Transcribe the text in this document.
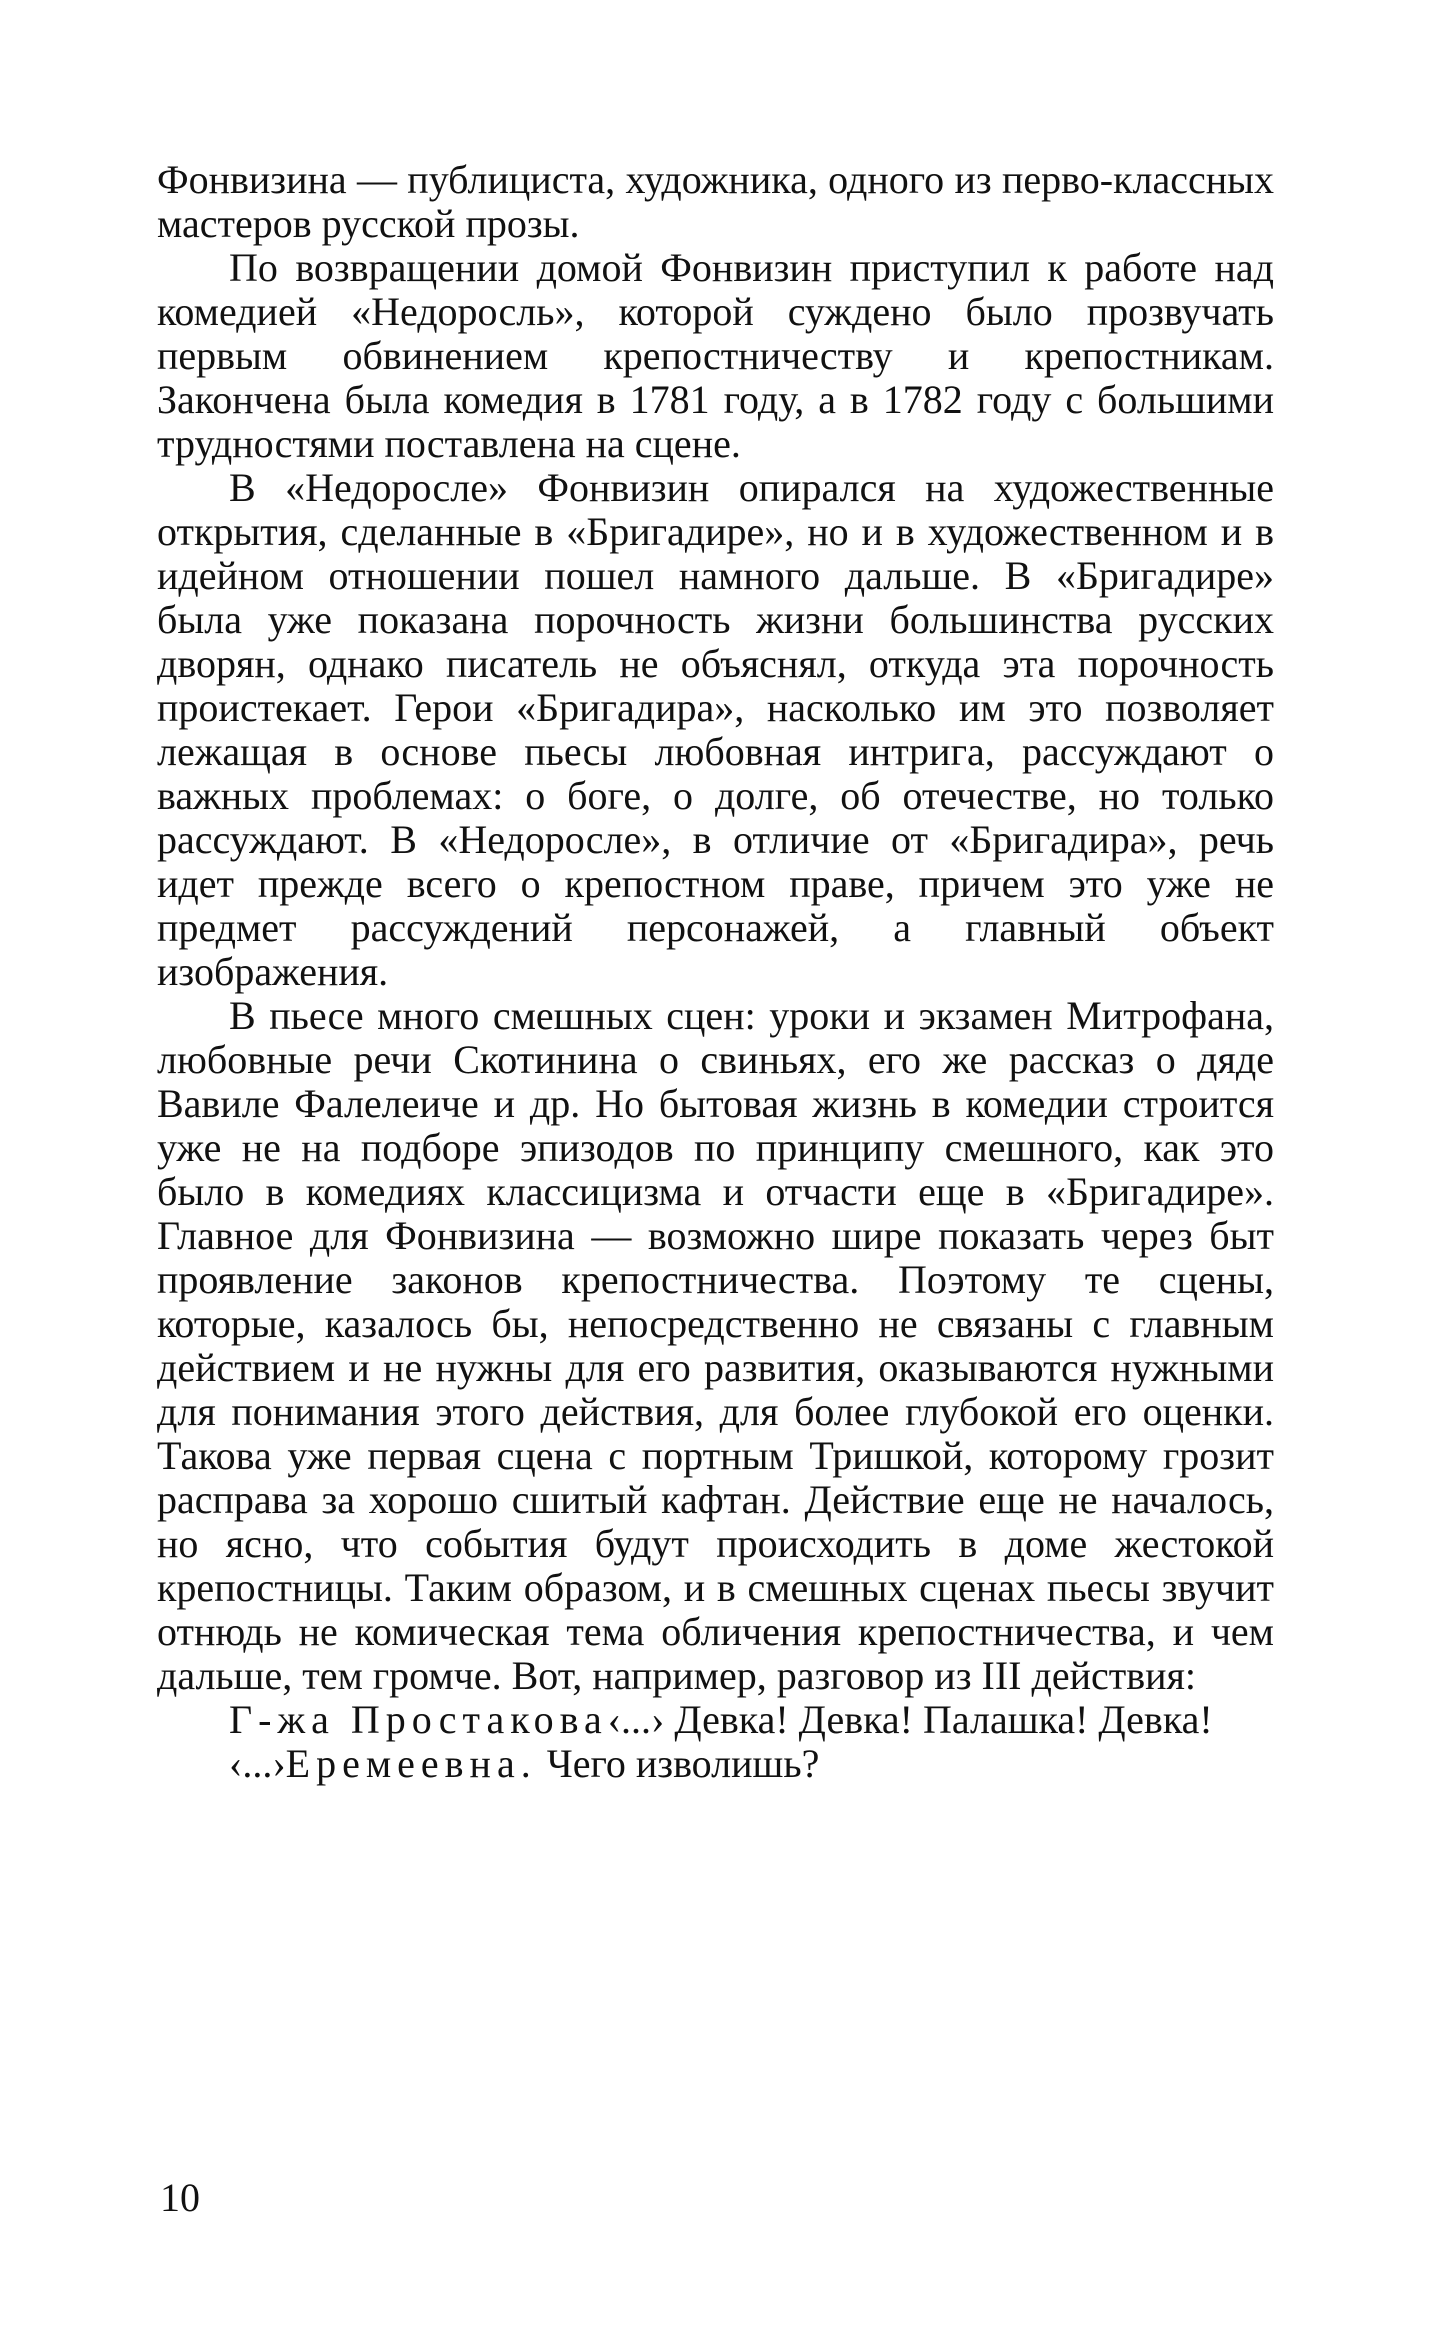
Фонвизина — публициста, художника, одного из перво-классных мастеров русской прозы.

По возвращении домой Фонвизин приступил к работе над комедией «Недоросль», которой суждено было прозвучать первым обвинением крепостничеству и крепостникам. Закончена была комедия в 1781 году, а в 1782 году с большими трудностями поставлена на сцене.

В «Недоросле» Фонвизин опирался на художественные открытия, сделанные в «Бригадире», но и в художественном и в идейном отношении пошел намного дальше. В «Бригадире» была уже показана порочность жизни большинства русских дворян, однако писатель не объяснял, откуда эта порочность проистекает. Герои «Бригадира», насколько им это позволяет лежащая в основе пьесы любовная интрига, рассуждают о важных проблемах: о боге, о долге, об отечестве, но только рассуждают. В «Недоросле», в отличие от «Бригадира», речь идет прежде всего о крепостном праве, причем это уже не предмет рассуждений персонажей, а главный объект изображения.

В пьесе много смешных сцен: уроки и экзамен Митрофана, любовные речи Скотинина о свиньях, его же рассказ о дяде Вавиле Фалелеиче и др. Но бытовая жизнь в комедии строится уже не на подборе эпизодов по принципу смешного, как это было в комедиях классицизма и отчасти еще в «Бригадире». Главное для Фонвизина — возможно шире показать через быт проявление законов крепостничества. Поэтому те сцены, которые, казалось бы, непосредственно не связаны с главным действием и не нужны для его развития, оказываются нужными для понимания этого действия, для более глубокой его оценки. Такова уже первая сцена с портным Тришкой, которому грозит расправа за хорошо сшитый кафтан. Действие еще не началось, но ясно, что события будут происходить в доме жестокой крепостницы. Таким образом, и в смешных сценах пьесы звучит отнюдь не комическая тема обличения крепостничества, и чем дальше, тем громче. Вот, например, разговор из III действия:

Г-жа Простакова‹...› Девка! Девка! Палашка! Девка!

‹...›Еремеевна. Чего изволишь?

10
